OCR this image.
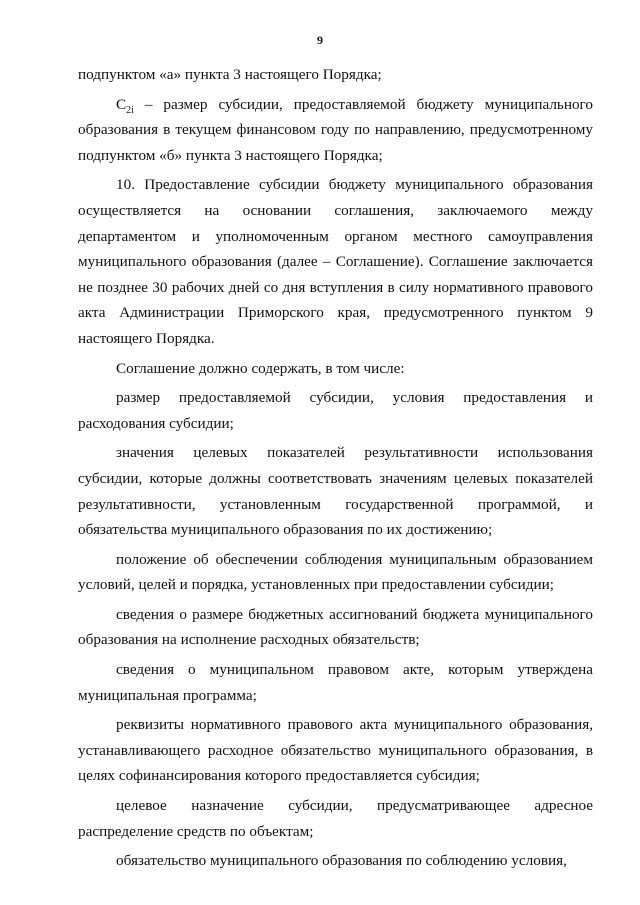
9

подпунктом «а» пункта 3 настоящего Порядка;

$C_{2i}$ – размер субсидии, предоставляемой бюджету муниципального образования в текущем финансовом году по направлению, предусмотренному подпунктом «б» пункта 3 настоящего Порядка;

10. Предоставление субсидии бюджету муниципального образования осуществляется на основании соглашения, заключаемого между департаментом и уполномоченным органом местного самоуправления муниципального образования (далее – Соглашение). Соглашение заключается не позднее 30 рабочих дней со дня вступления в силу нормативного правового акта Администрации Приморского края, предусмотренного пунктом 9 настоящего Порядка.

Соглашение должно содержать, в том числе:

размер предоставляемой субсидии, условия предоставления и расходования субсидии;

значения целевых показателей результативности использования субсидии, которые должны соответствовать значениям целевых показателей результативности, установленным государственной программой, и обязательства муниципального образования по их достижению;

положение об обеспечении соблюдения муниципальным образованием условий, целей и порядка, установленных при предоставлении субсидии;

сведения о размере бюджетных ассигнований бюджета муниципального образования на исполнение расходных обязательств;

сведения о муниципальном правовом акте, которым утверждена муниципальная программа;

реквизиты нормативного правового акта муниципального образования, устанавливающего расходное обязательство муниципального образования, в целях софинансирования которого предоставляется субсидия;

целевое назначение субсидии, предусматривающее адресное распределение средств по объектам;

обязательство муниципального образования по соблюдению условия,
